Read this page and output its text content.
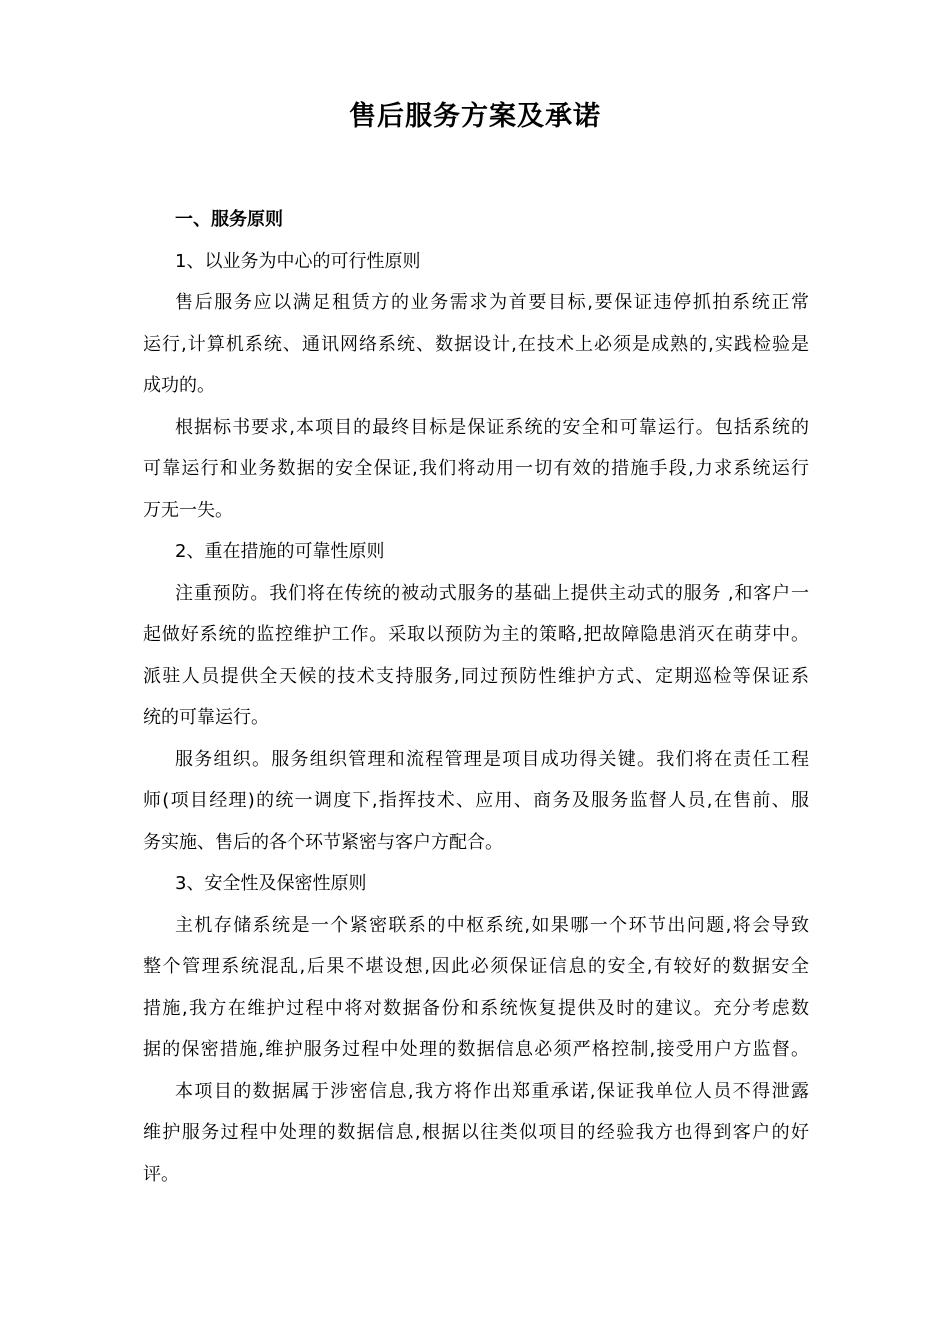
售后服务方案及承诺
一、服务原则
1、以业务为中心的可行性原则
售后服务应以满足租赁方的业务需求为首要目标,要保证违停抓拍系统正常
运行,计算机系统、通讯网络系统、数据设计,在技术上必须是成熟的,实践检验是
成功的。
根据标书要求,本项目的最终目标是保证系统的安全和可靠运行。包括系统的
可靠运行和业务数据的安全保证,我们将动用一切有效的措施手段,力求系统运行
万无一失。
2、重在措施的可靠性原则
注重预防。我们将在传统的被动式服务的基础上提供主动式的服务 ,和客户一
起做好系统的监控维护工作。采取以预防为主的策略,把故障隐患消灭在萌芽中。
派驻人员提供全天候的技术支持服务,同过预防性维护方式、定期巡检等保证系
统的可靠运行。
服务组织。服务组织管理和流程管理是项目成功得关键。我们将在责任工程
师(项目经理)的统一调度下,指挥技术、应用、商务及服务监督人员,在售前、服
务实施、售后的各个环节紧密与客户方配合。
3、安全性及保密性原则
主机存储系统是一个紧密联系的中枢系统,如果哪一个环节出问题,将会导致
整个管理系统混乱,后果不堪设想,因此必须保证信息的安全,有较好的数据安全
措施,我方在维护过程中将对数据备份和系统恢复提供及时的建议。充分考虑数
据的保密措施,维护服务过程中处理的数据信息必须严格控制,接受用户方监督。
本项目的数据属于涉密信息,我方将作出郑重承诺,保证我单位人员不得泄露
维护服务过程中处理的数据信息,根据以往类似项目的经验我方也得到客户的好
评。
